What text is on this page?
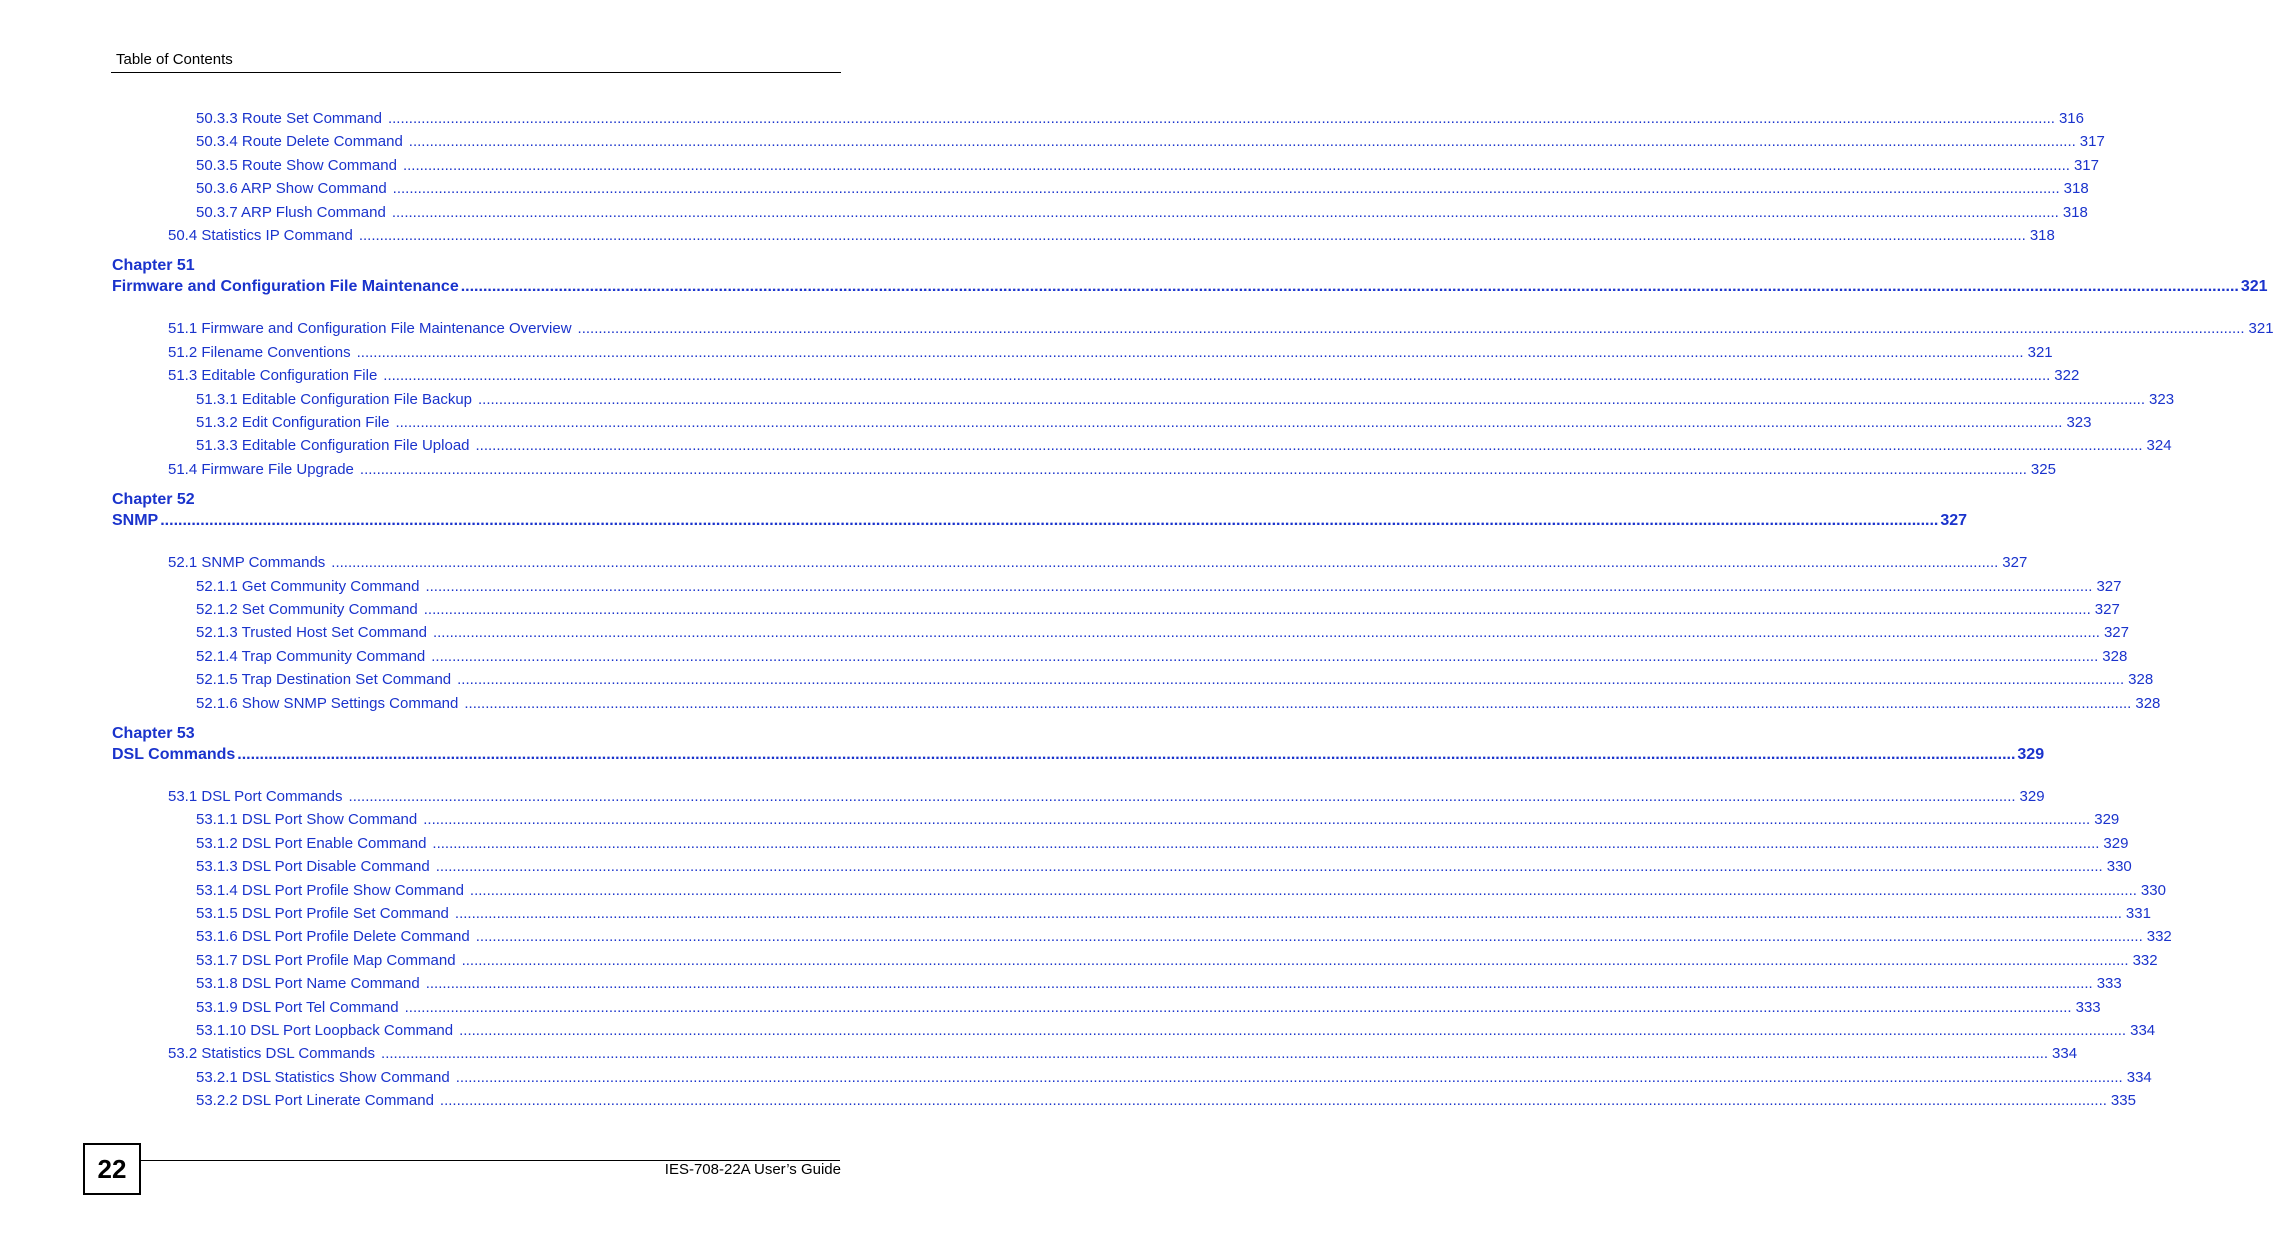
Table of Contents
50.3.3 Route Set Command ................................................................................................................................................................................................................................................................................................................................................................................................................ 316
50.3.4 Route Delete Command ................................................................................................................................................................................................................................................................................................................................................................................................................ 317
50.3.5 Route Show Command ................................................................................................................................................................................................................................................................................................................................................................................................................ 317
50.3.6 ARP Show Command ................................................................................................................................................................................................................................................................................................................................................................................................................ 318
50.3.7 ARP Flush Command ................................................................................................................................................................................................................................................................................................................................................................................................................ 318
50.4 Statistics IP Command ................................................................................................................................................................................................................................................................................................................................................................................................................ 318
Chapter 51
Firmware and Configuration File Maintenance ................................................................................................................................................................................................................................................................................................................................................................................................................ 321
51.1 Firmware and Configuration File Maintenance Overview ................................................................................................................................................................................................................................................................................................................................................................................................................ 321
51.2 Filename Conventions ................................................................................................................................................................................................................................................................................................................................................................................................................ 321
51.3 Editable Configuration File ................................................................................................................................................................................................................................................................................................................................................................................................................ 322
51.3.1 Editable Configuration File Backup ................................................................................................................................................................................................................................................................................................................................................................................................................ 323
51.3.2 Edit Configuration File ................................................................................................................................................................................................................................................................................................................................................................................................................ 323
51.3.3 Editable Configuration File Upload ................................................................................................................................................................................................................................................................................................................................................................................................................ 324
51.4 Firmware File Upgrade ................................................................................................................................................................................................................................................................................................................................................................................................................ 325
Chapter 52
SNMP ................................................................................................................................................................................................................................................................................................................................................................................................................ 327
52.1 SNMP Commands ................................................................................................................................................................................................................................................................................................................................................................................................................ 327
52.1.1 Get Community Command ................................................................................................................................................................................................................................................................................................................................................................................................................ 327
52.1.2 Set Community Command ................................................................................................................................................................................................................................................................................................................................................................................................................ 327
52.1.3 Trusted Host Set Command ................................................................................................................................................................................................................................................................................................................................................................................................................ 327
52.1.4 Trap Community Command ................................................................................................................................................................................................................................................................................................................................................................................................................ 328
52.1.5 Trap Destination Set Command ................................................................................................................................................................................................................................................................................................................................................................................................................ 328
52.1.6 Show SNMP Settings Command ................................................................................................................................................................................................................................................................................................................................................................................................................ 328
Chapter 53
DSL Commands ................................................................................................................................................................................................................................................................................................................................................................................................................ 329
53.1 DSL Port Commands ................................................................................................................................................................................................................................................................................................................................................................................................................ 329
53.1.1 DSL Port Show Command ................................................................................................................................................................................................................................................................................................................................................................................................................ 329
53.1.2 DSL Port Enable Command ................................................................................................................................................................................................................................................................................................................................................................................................................ 329
53.1.3 DSL Port Disable Command ................................................................................................................................................................................................................................................................................................................................................................................................................ 330
53.1.4 DSL Port Profile Show Command ................................................................................................................................................................................................................................................................................................................................................................................................................ 330
53.1.5 DSL Port Profile Set Command ................................................................................................................................................................................................................................................................................................................................................................................................................ 331
53.1.6 DSL Port Profile Delete Command ................................................................................................................................................................................................................................................................................................................................................................................................................ 332
53.1.7 DSL Port Profile Map Command ................................................................................................................................................................................................................................................................................................................................................................................................................ 332
53.1.8 DSL Port Name Command ................................................................................................................................................................................................................................................................................................................................................................................................................ 333
53.1.9 DSL Port Tel Command ................................................................................................................................................................................................................................................................................................................................................................................................................ 333
53.1.10 DSL Port Loopback Command ................................................................................................................................................................................................................................................................................................................................................................................................................ 334
53.2 Statistics DSL Commands ................................................................................................................................................................................................................................................................................................................................................................................................................ 334
53.2.1 DSL Statistics Show Command ................................................................................................................................................................................................................................................................................................................................................................................................................ 334
53.2.2 DSL Port Linerate Command ................................................................................................................................................................................................................................................................................................................................................................................................................ 335
22	IES-708-22A User’s Guide
